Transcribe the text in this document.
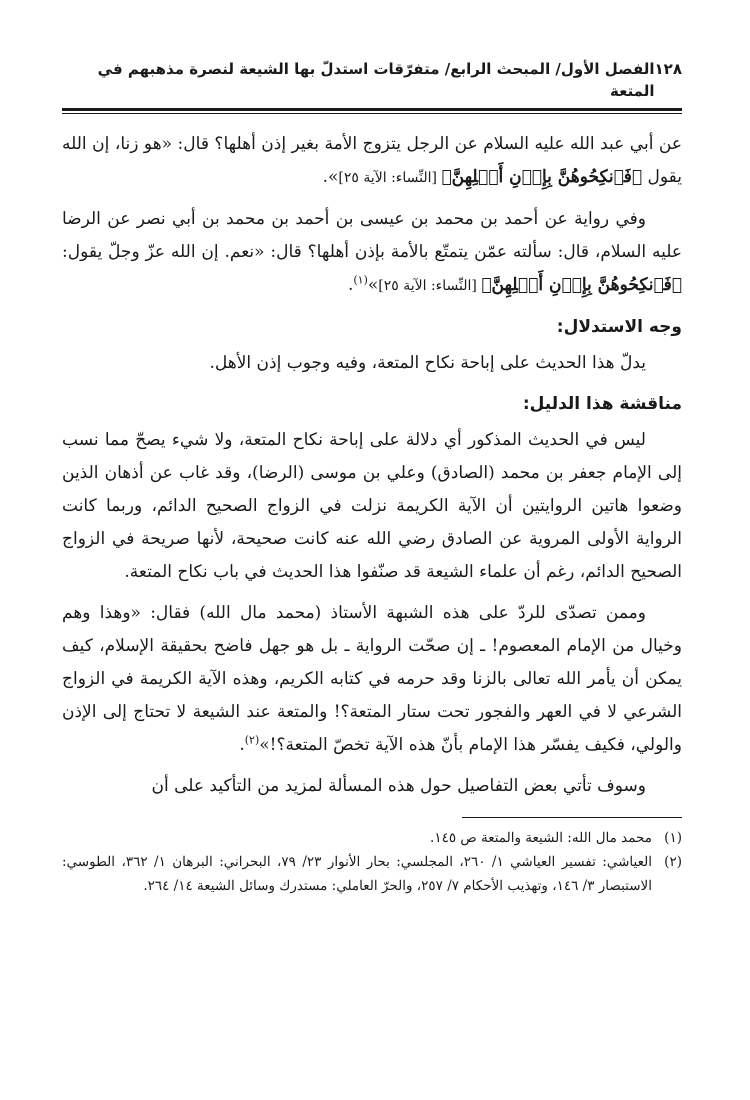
١٢٨
الفصل الأول/ المبحث الرابع/ متفرّقات استدلّ بها الشيعة لنصرة مذهبهم في المتعة

عن أبي عبد الله عليه السلام عن الرجل يتزوج الأمة بغير إذن أهلها؟ قال: «هو زنا، إن الله يقول ﴿فَٱنكِحُوهُنَّ بِإِذۡنِ أَهۡلِهِنَّ﴾ [النِّساء: الآية ٢٥]».

وفي رواية عن أحمد بن محمد بن عيسى بن أحمد بن محمد بن أبي نصر عن الرضا عليه السلام، قال: سألته عمّن يتمتّع بالأمة بإذن أهلها؟ قال: «نعم. إن الله عزّ وجلّ يقول: ﴿فَٱنكِحُوهُنَّ بِإِذۡنِ أَهۡلِهِنَّ﴾ [النِّساء: الآية ٢٥]»$^{(١)}$.

وجه الاستدلال:

يدلّ هذا الحديث على إباحة نكاح المتعة، وفيه وجوب إذن الأهل.

مناقشة هذا الدليل:

ليس في الحديث المذكور أي دلالة على إباحة نكاح المتعة، ولا شيء يصحّ مما نسب إلى الإمام جعفر بن محمد (الصادق) وعلي بن موسى (الرضا)، وقد غاب عن أذهان الذين وضعوا هاتين الروايتين أن الآية الكريمة نزلت في الزواج الصحيح الدائم، وربما كانت الرواية الأولى المروية عن الصادق رضي الله عنه كانت صحيحة، لأنها صريحة في الزواج الصحيح الدائم، رغم أن علماء الشيعة قد صنّفوا هذا الحديث في باب نكاح المتعة.

وممن تصدّى للردّ على هذه الشبهة الأستاذ (محمد مال الله) فقال: «وهذا وهم وخيال من الإمام المعصوم! ـ إن صحّت الرواية ـ بل هو جهل فاضح بحقيقة الإسلام، كيف يمكن أن يأمر الله تعالى بالزنا وقد حرمه في كتابه الكريم، وهذه الآية الكريمة في الزواج الشرعي لا في العهر والفجور تحت ستار المتعة؟! والمتعة عند الشيعة لا تحتاج إلى الإذن والولي، فكيف يفسّر هذا الإمام بأنّ هذه الآية تخصّ المتعة؟!»$^{(٢)}$.

وسوف تأتي بعض التفاصيل حول هذه المسألة لمزيد من التأكيد على أن

(١)
محمد مال الله: الشيعة والمتعة ص ١٤٥.
(٢)
العياشي: تفسير العياشي ١/ ٢٦٠، المجلسي: بحار الأنوار ٢٣/ ٧٩، البحراني: البرهان ١/ ٣٦٢، الطوسي: الاستبصار ٣/ ١٤٦، وتهذيب الأحكام ٧/ ٢٥٧، والحرّ العاملي: مستدرك وسائل الشيعة ١٤/ ٢٦٤.
